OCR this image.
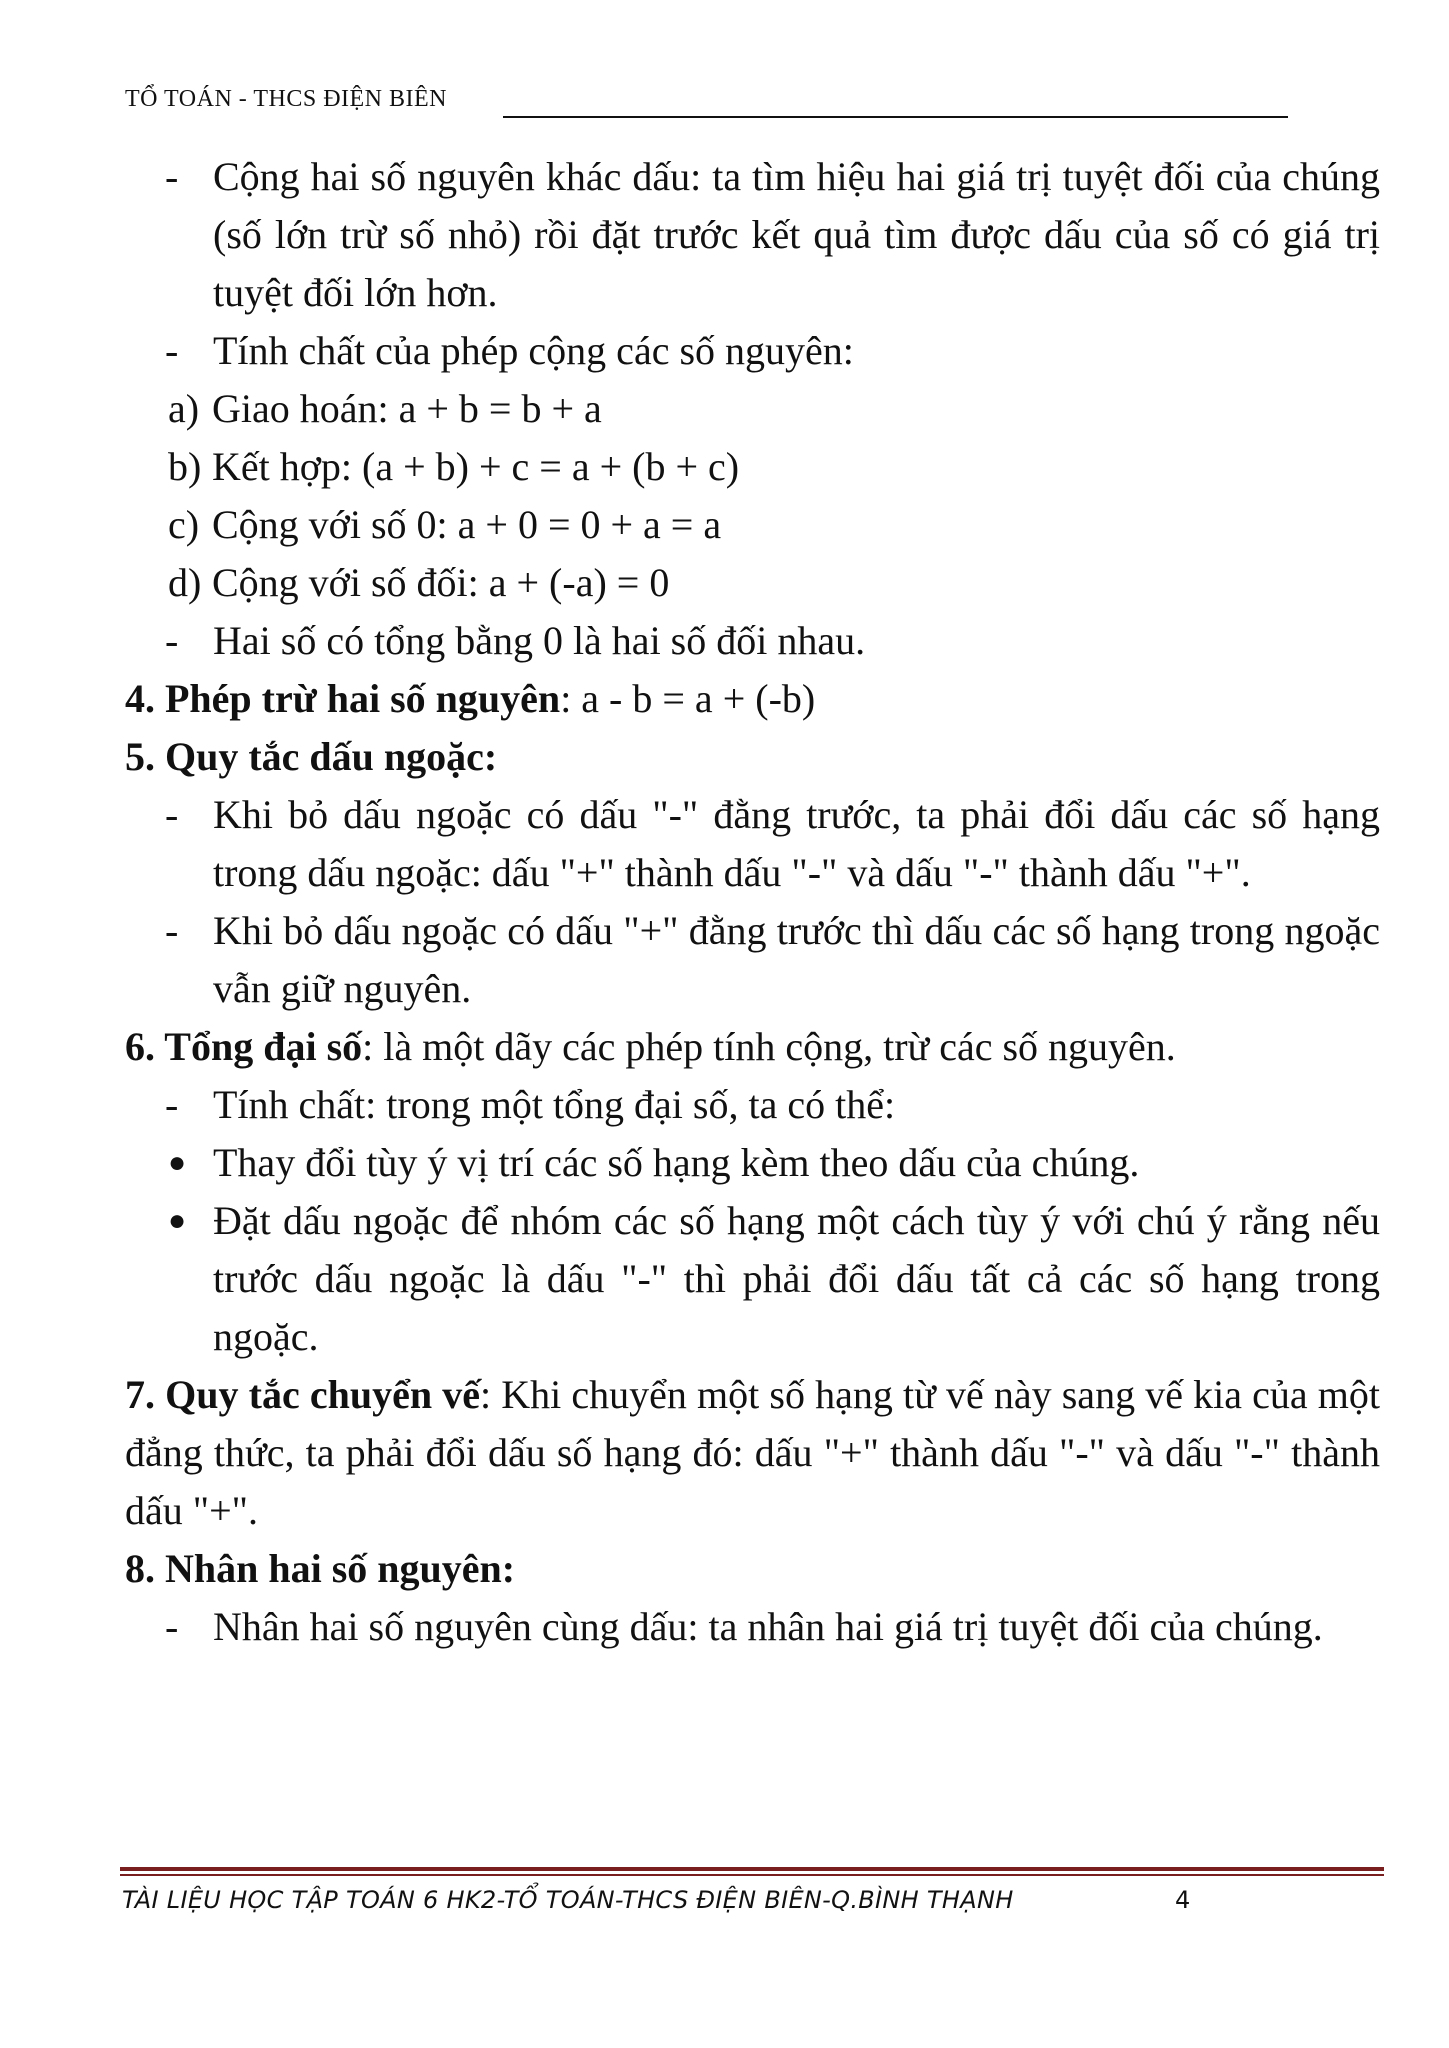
TỔ TOÁN - THCS ĐIỆN BIÊN

- Cộng hai số nguyên khác dấu: ta tìm hiệu hai giá trị tuyệt đối của chúng (số lớn trừ số nhỏ) rồi đặt trước kết quả tìm được dấu của số có giá trị tuyệt đối lớn hơn.

- Tính chất của phép cộng các số nguyên:

a) Giao hoán: a + b = b + a

b) Kết hợp: (a + b) + c = a + (b + c)

c) Cộng với số 0: a + 0 = 0 + a = a

d) Cộng với số đối: a + (-a) = 0

- Hai số có tổng bằng 0 là hai số đối nhau.

4. Phép trừ hai số nguyên: a - b = a + (-b)

5. Quy tắc dấu ngoặc:

- Khi bỏ dấu ngoặc có dấu "-" đằng trước, ta phải đổi dấu các số hạng trong dấu ngoặc: dấu "+" thành dấu "-" và dấu "-" thành dấu "+".

- Khi bỏ dấu ngoặc có dấu "+" đằng trước thì dấu các số hạng trong ngoặc vẫn giữ nguyên.

6. Tổng đại số: là một dãy các phép tính cộng, trừ các số nguyên.

- Tính chất: trong một tổng đại số, ta có thể:

● Thay đổi tùy ý vị trí các số hạng kèm theo dấu của chúng.

● Đặt dấu ngoặc để nhóm các số hạng một cách tùy ý với chú ý rằng nếu trước dấu ngoặc là dấu "-" thì phải đổi dấu tất cả các số hạng trong ngoặc.

7. Quy tắc chuyển vế: Khi chuyển một số hạng từ vế này sang vế kia của một đẳng thức, ta phải đổi dấu số hạng đó: dấu "+" thành dấu "-" và dấu "-" thành dấu "+".

8. Nhân hai số nguyên:

- Nhân hai số nguyên cùng dấu: ta nhân hai giá trị tuyệt đối của chúng.

TÀI LIỆU HỌC TẬP TOÁN 6 HK2-TỔ TOÁN-THCS ĐIỆN BIÊN-Q.BÌNH THẠNH	4
